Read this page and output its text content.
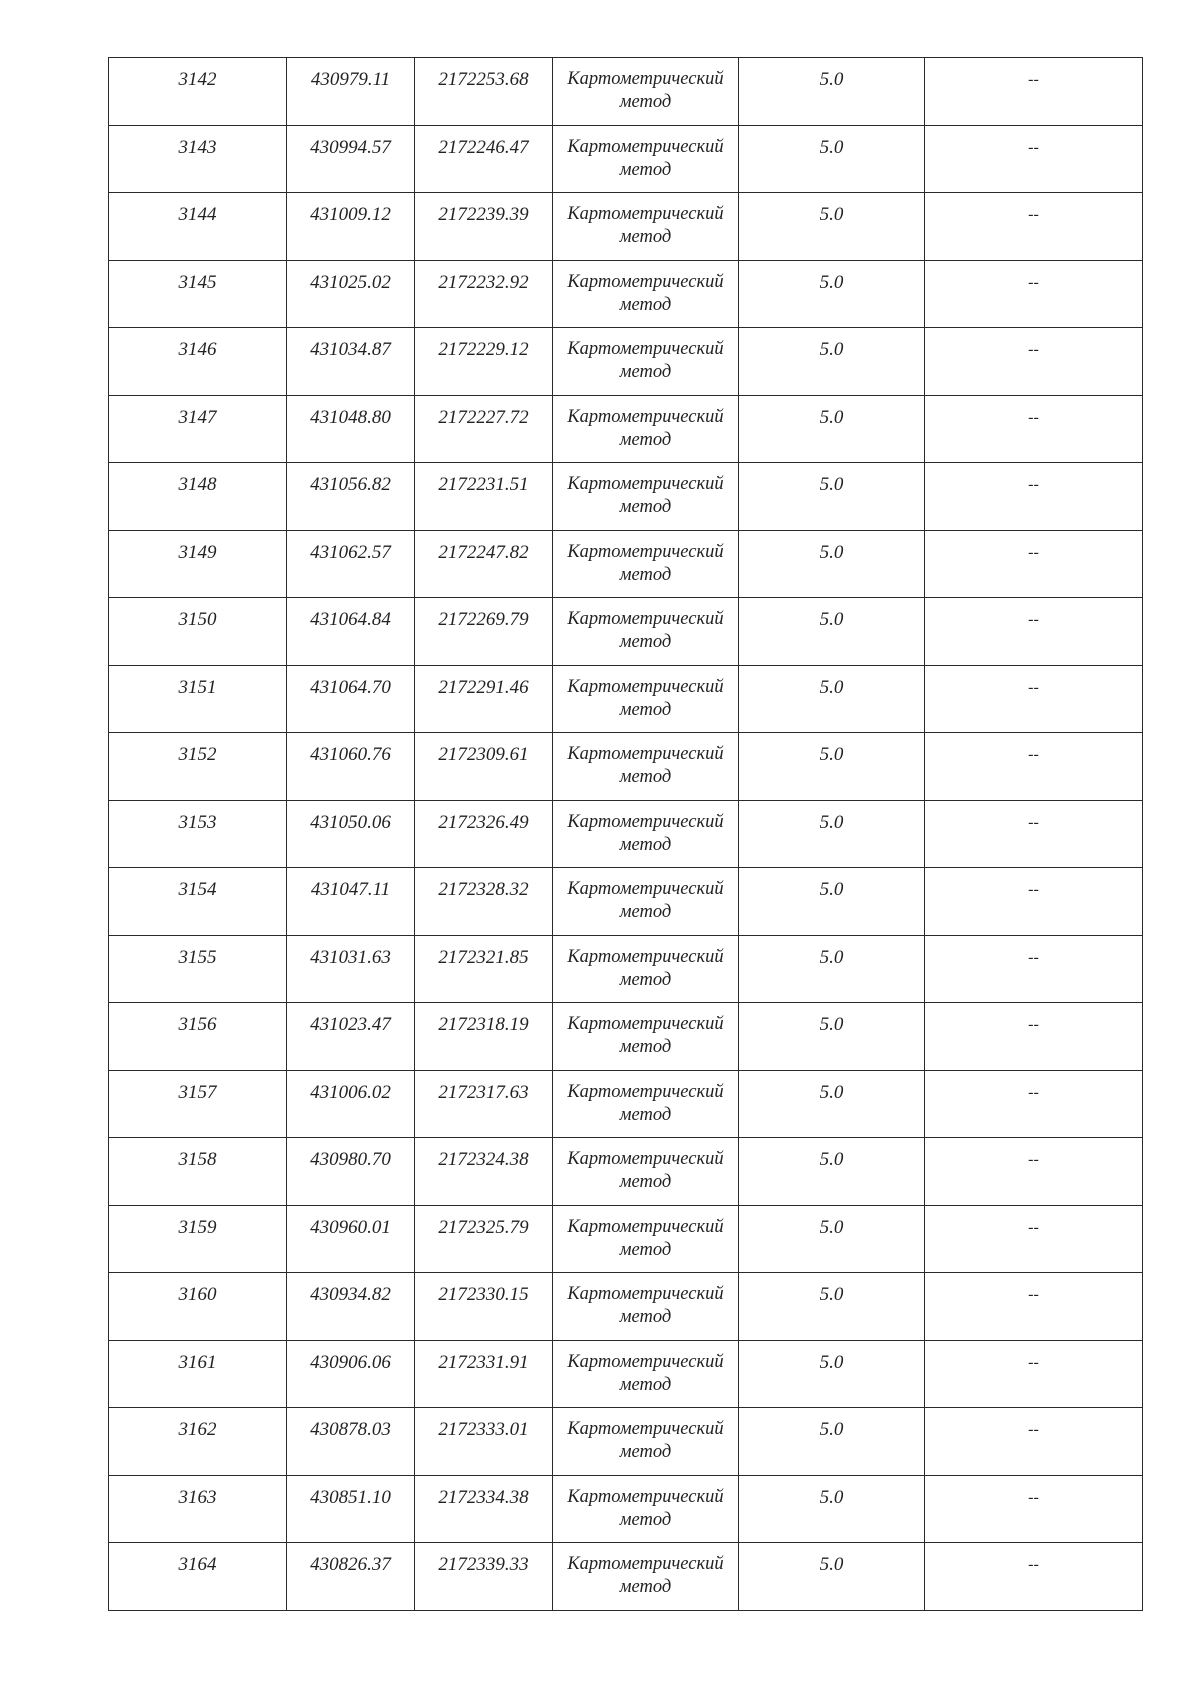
3142	430979.11	2172253.68	Картометрический
метод	5.0	--

3143	430994.57	2172246.47	Картометрический
метод	5.0	--

3144	431009.12	2172239.39	Картометрический
метод	5.0	--

3145	431025.02	2172232.92	Картометрический
метод	5.0	--

3146	431034.87	2172229.12	Картометрический
метод	5.0	--

3147	431048.80	2172227.72	Картометрический
метод	5.0	--

3148	431056.82	2172231.51	Картометрический
метод	5.0	--

3149	431062.57	2172247.82	Картометрический
метод	5.0	--

3150	431064.84	2172269.79	Картометрический
метод	5.0	--

3151	431064.70	2172291.46	Картометрический
метод	5.0	--

3152	431060.76	2172309.61	Картометрический
метод	5.0	--

3153	431050.06	2172326.49	Картометрический
метод	5.0	--

3154	431047.11	2172328.32	Картометрический
метод	5.0	--

3155	431031.63	2172321.85	Картометрический
метод	5.0	--

3156	431023.47	2172318.19	Картометрический
метод	5.0	--

3157	431006.02	2172317.63	Картометрический
метод	5.0	--

3158	430980.70	2172324.38	Картометрический
метод	5.0	--

3159	430960.01	2172325.79	Картометрический
метод	5.0	--

3160	430934.82	2172330.15	Картометрический
метод	5.0	--

3161	430906.06	2172331.91	Картометрический
метод	5.0	--

3162	430878.03	2172333.01	Картометрический
метод	5.0	--

3163	430851.10	2172334.38	Картометрический
метод	5.0	--

3164	430826.37	2172339.33	Картометрический
метод	5.0	--
